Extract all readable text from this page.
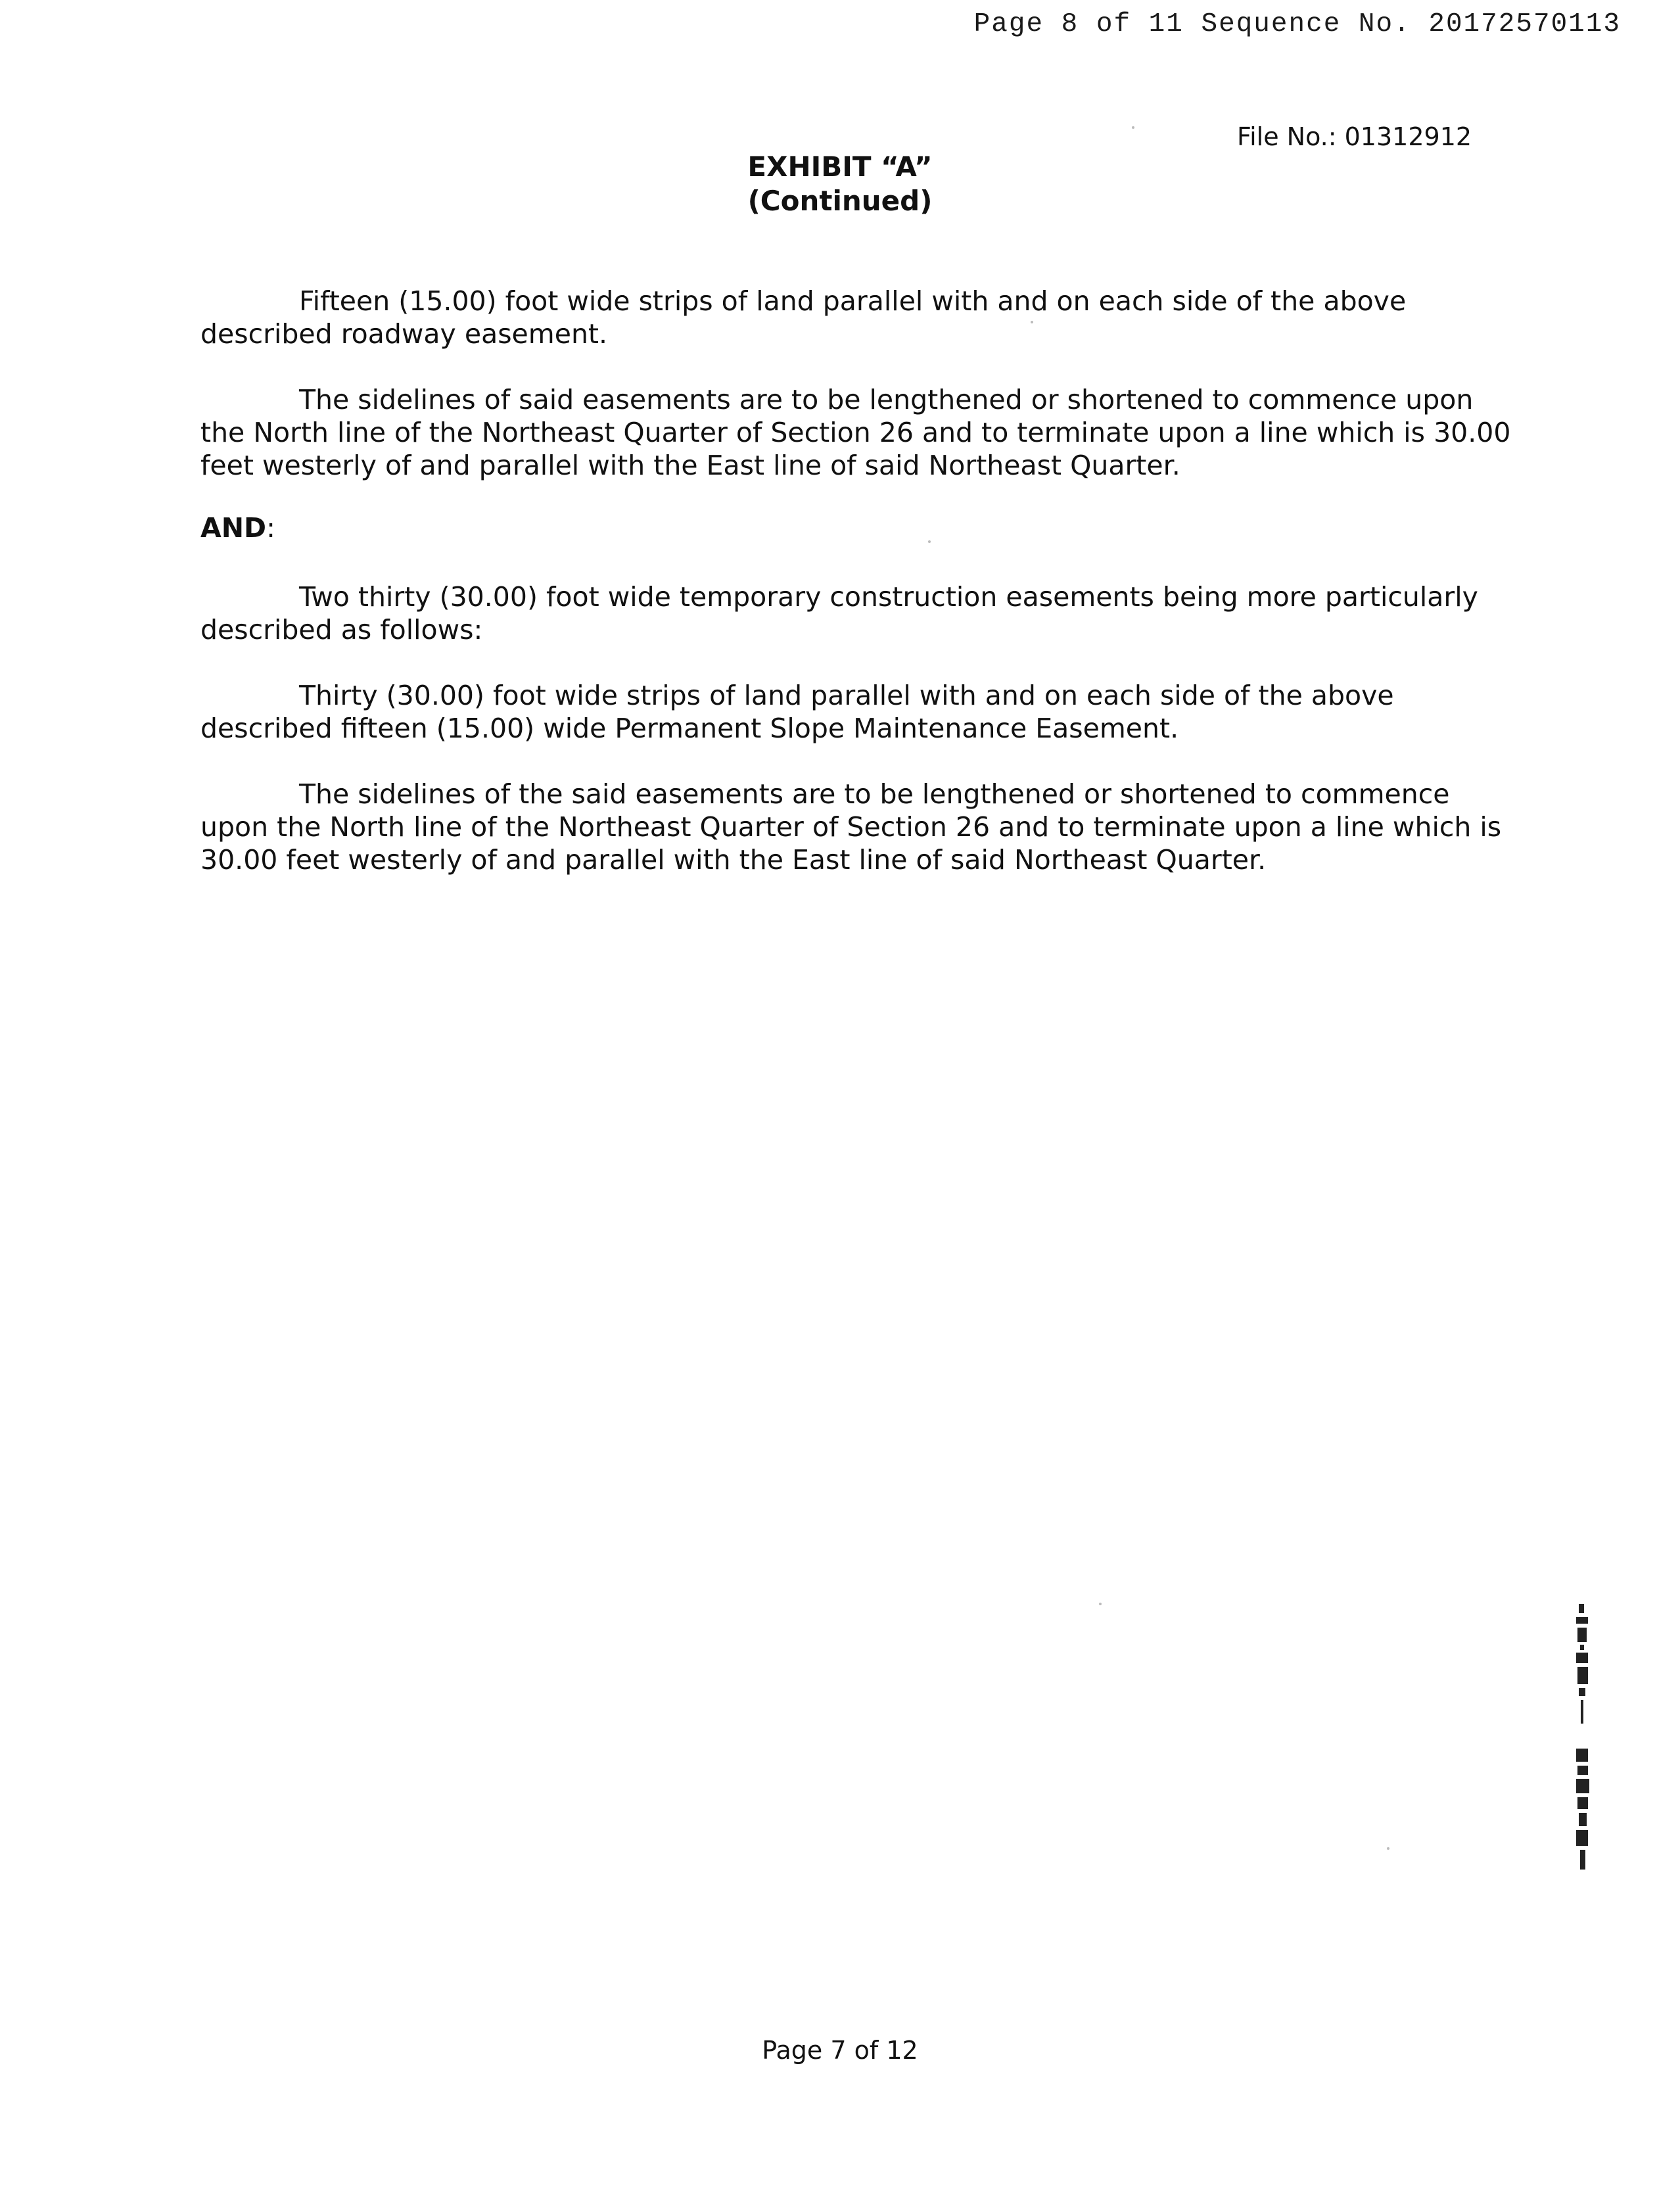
Page 8 of 11 Sequence No. 20172570113
File No.: 01312912
EXHIBIT “A”
(Continued)

Fifteen (15.00) foot wide strips of land parallel with and on each side of the above described roadway easement.

The sidelines of said easements are to be lengthened or shortened to commence upon the North line of the Northeast Quarter of Section 26 and to terminate upon a line which is 30.00 feet westerly of and parallel with the East line of said Northeast Quarter.

AND:

Two thirty (30.00) foot wide temporary construction easements being more particularly described as follows:

Thirty (30.00) foot wide strips of land parallel with and on each side of the above described fifteen (15.00) wide Permanent Slope Maintenance Easement.

The sidelines of the said easements are to be lengthened or shortened to commence upon the North line of the Northeast Quarter of Section 26 and to terminate upon a line which is 30.00 feet westerly of and parallel with the East line of said Northeast Quarter.

Page 7 of 12
